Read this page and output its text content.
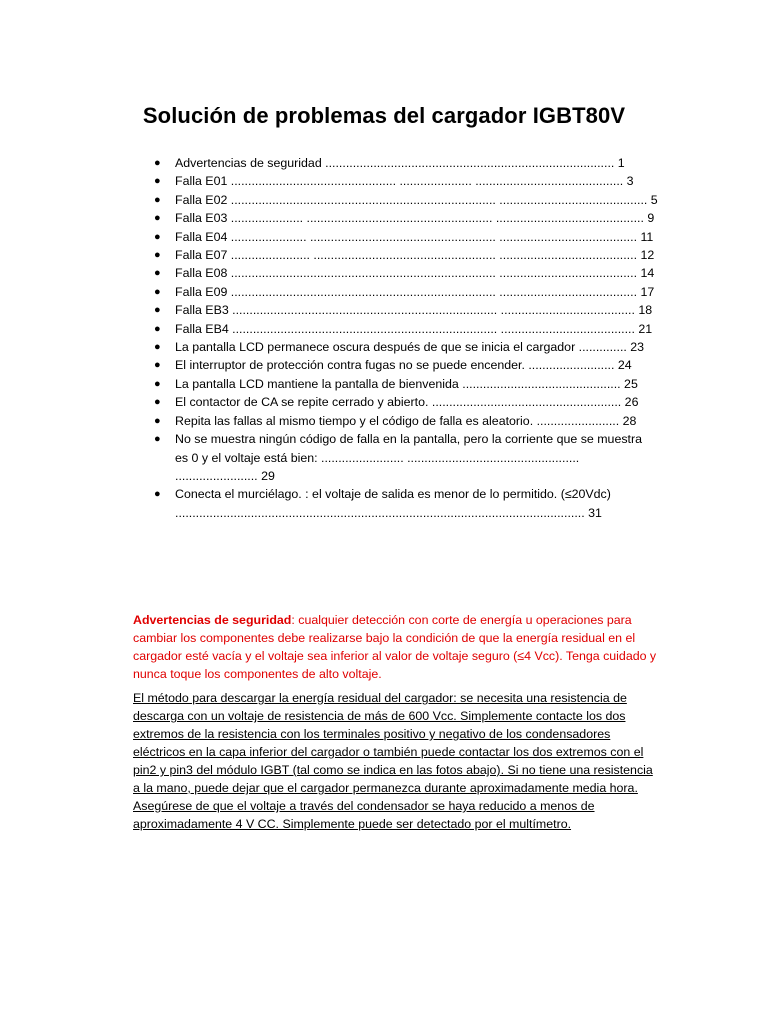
Solución de problemas del cargador IGBT80V
● Advertencias de seguridad .................................................................................... 1
● Falla E01 ................................................ ..................... ........................................... 3
● Falla E02 ............................................................................. ........................................... 5
● Falla E03 ..................... ...................................................... ........................................... 9
● Falla E04 ...................... ...................................................... ........................................ 11
● Falla E07 ....................... ..................................................... ........................................ 12
● Falla E08 ............................................................................. ........................................ 14
● Falla E09 ............................................................................. ........................................ 17
● Falla EB3 ............................................................................. ....................................... 18
● Falla EB4 ............................................................................. ....................................... 21
● La pantalla LCD permanece oscura después de que se inicia el cargador .............. 23
● El interruptor de protección contra fugas no se puede encender. ......................... 24
● La pantalla LCD mantiene la pantalla de bienvenida .............................................. 25
● El contactor de CA se repite cerrado y abierto. ....................................................... 26
● Repita las fallas al mismo tiempo y el código de falla es aleatorio. ........................ 28
● No se muestra ningún código de falla en la pantalla, pero la corriente que se muestra
es 0 y el voltaje está bien: ........................ ..................................................
........................ 29
● Conecta el murciélago. : el voltaje de salida es menor de lo permitido. (≤20Vdc)
....................................................................................................................... 31
Advertencias de seguridad: cualquier detección con corte de energía u operaciones para
cambiar los componentes debe realizarse bajo la condición de que la energía residual en el
cargador esté vacía y el voltaje sea inferior al valor de voltaje seguro (≤4 Vcc). Tenga cuidado y
nunca toque los componentes de alto voltaje.
El método para descargar la energía residual del cargador: se necesita una resistencia de
descarga con un voltaje de resistencia de más de 600 Vcc. Simplemente contacte los dos
extremos de la resistencia con los terminales positivo y negativo de los condensadores
eléctricos en la capa inferior del cargador o también puede contactar los dos extremos con el
pin2 y pin3 del módulo IGBT (tal como se indica en las fotos abajo). Si no tiene una resistencia
a la mano, puede dejar que el cargador permanezca durante aproximadamente media hora.
Asegúrese de que el voltaje a través del condensador se haya reducido a menos de
aproximadamente 4 V CC. Simplemente puede ser detectado por el multímetro.
